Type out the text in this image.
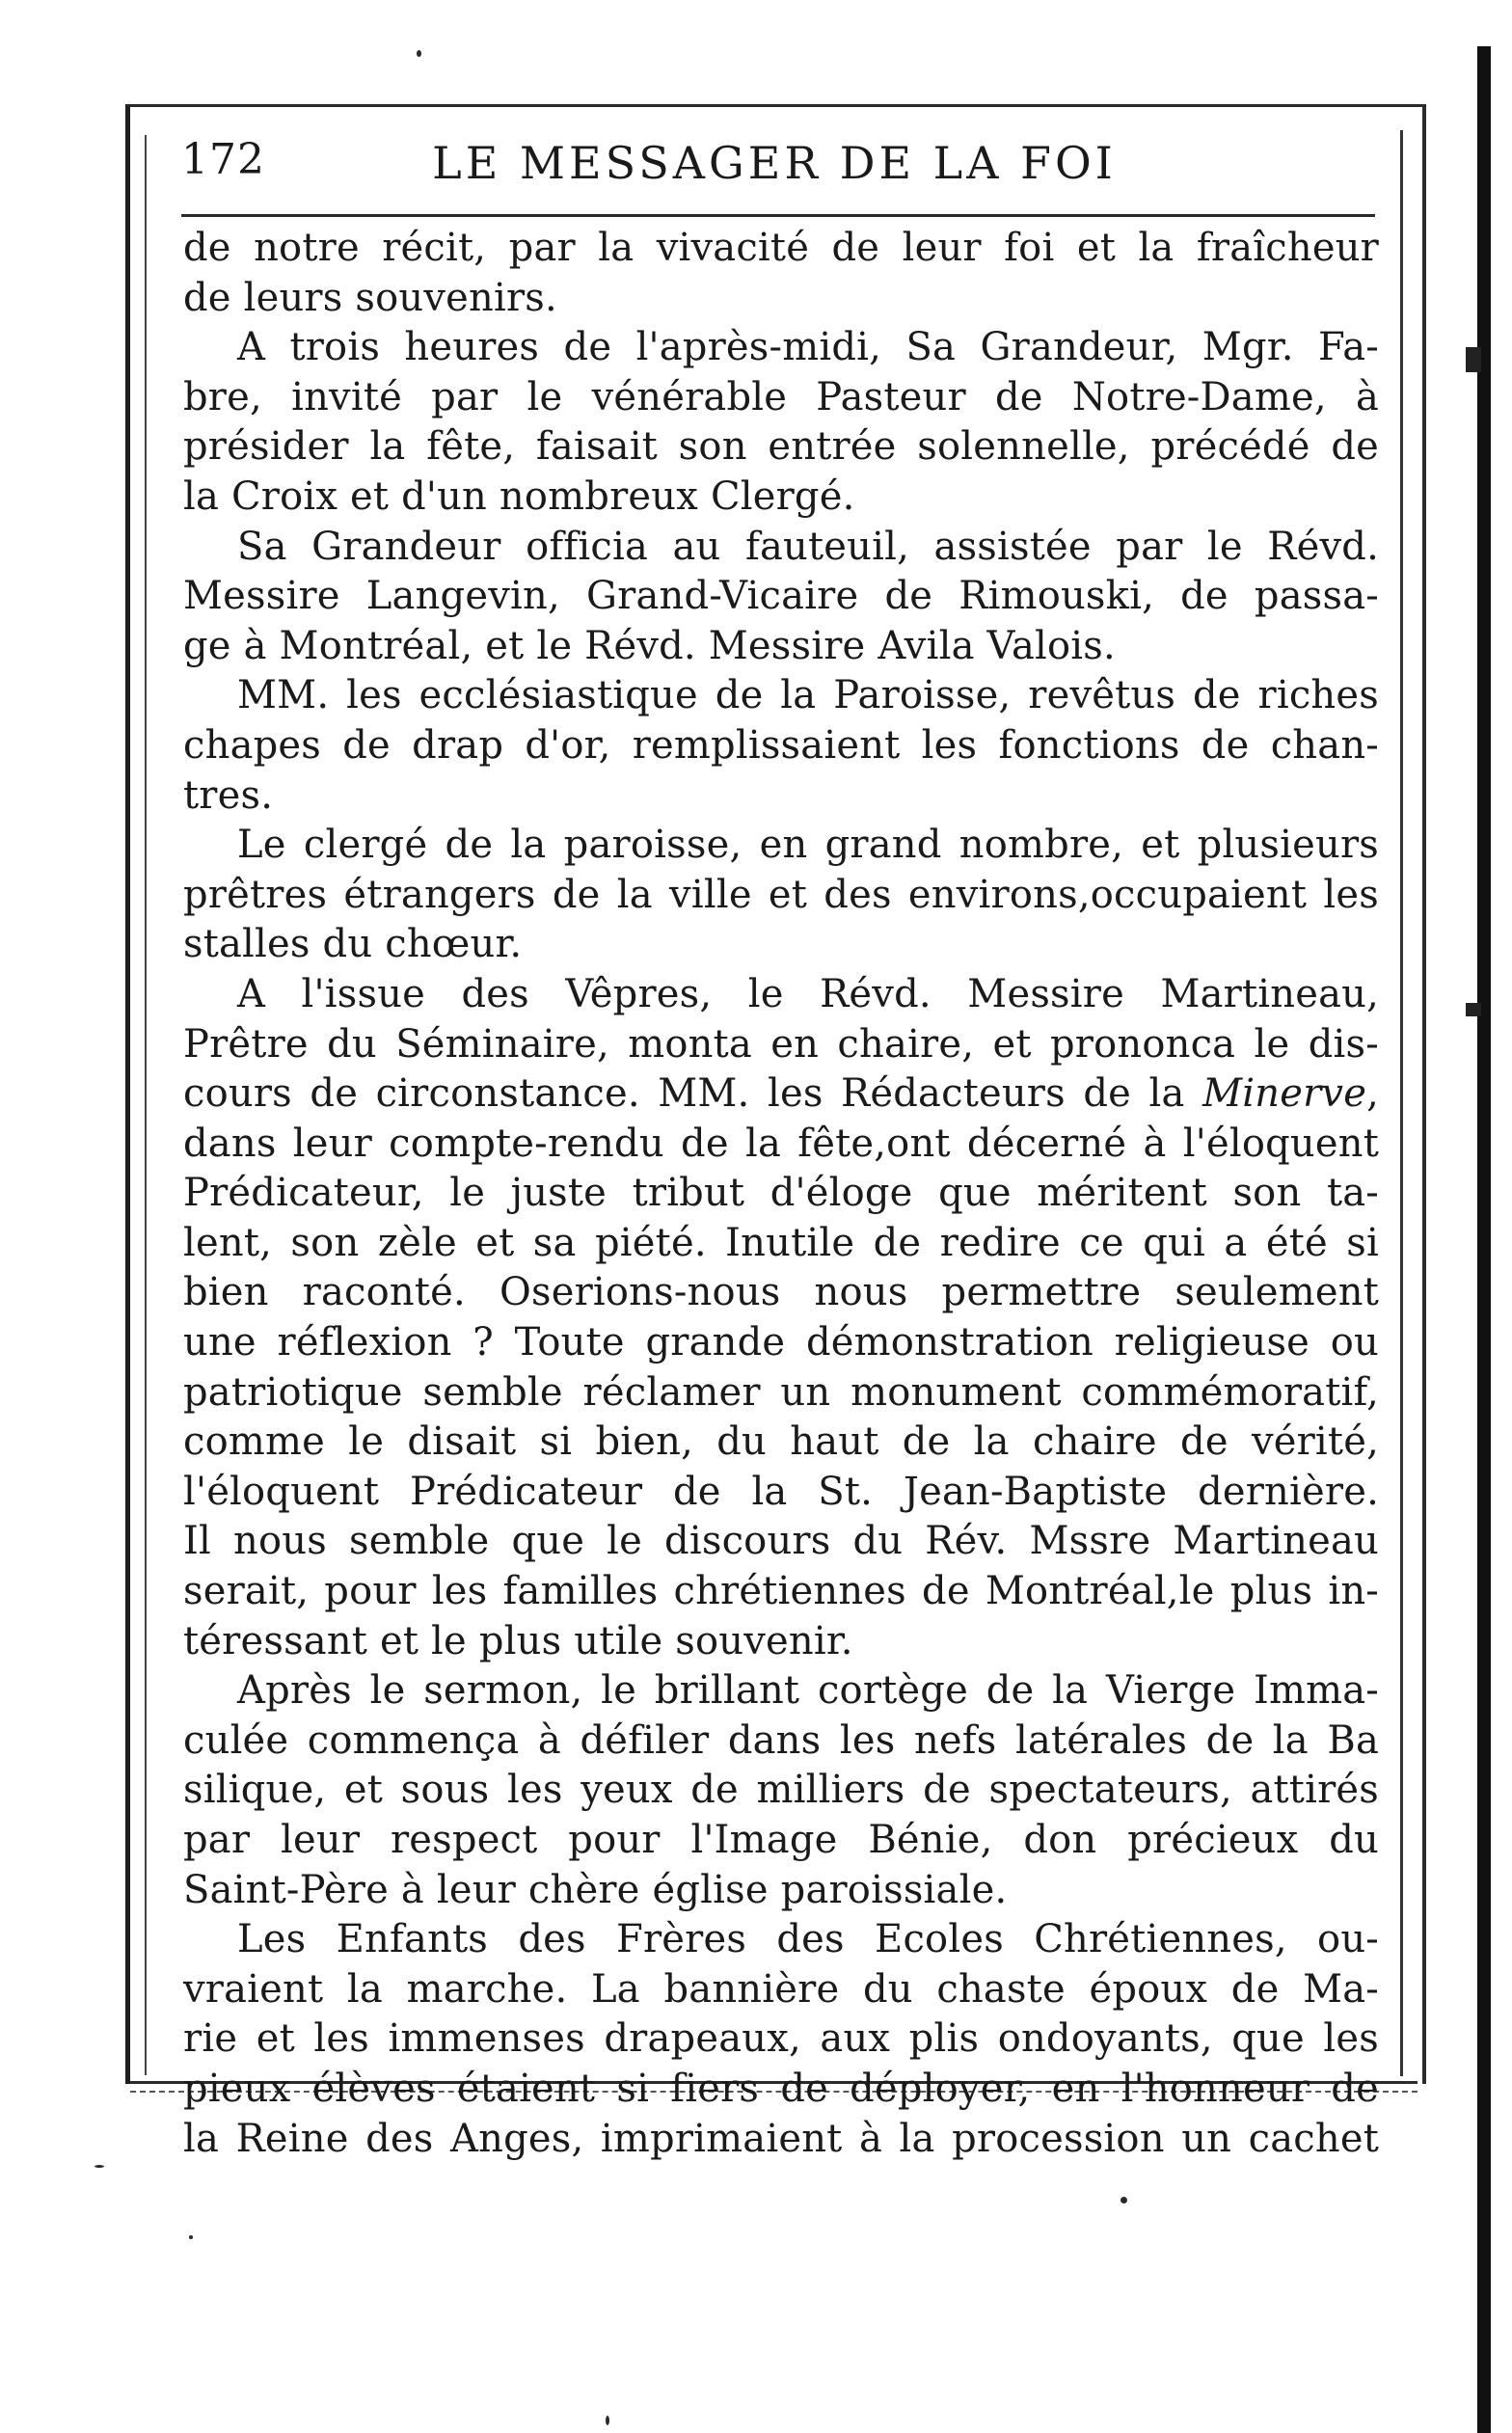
172	LE MESSAGER DE LA FOI
de notre récit, par la vivacité de leur foi et la fraîcheur
de leurs souvenirs.
A trois heures de l'après-midi, Sa Grandeur, Mgr. Fa-
bre, invité par le vénérable Pasteur de Notre-Dame, à
présider la fête, faisait son entrée solennelle, précédé de
la Croix et d'un nombreux Clergé.
Sa Grandeur officia au fauteuil, assistée par le Révd.
Messire Langevin, Grand-Vicaire de Rimouski, de passa-
ge à Montréal, et le Révd. Messire Avila Valois.
MM. les ecclésiastique de la Paroisse, revêtus de riches
chapes de drap d'or, remplissaient les fonctions de chan-
tres.
Le clergé de la paroisse, en grand nombre, et plusieurs
prêtres étrangers de la ville et des environs,occupaient les
stalles du chœur.
A l'issue des Vêpres, le Révd. Messire Martineau,
Prêtre du Séminaire, monta en chaire, et prononca le dis-
cours de circonstance. MM. les Rédacteurs de la Minerve,
dans leur compte-rendu de la fête,ont décerné à l'éloquent
Prédicateur, le juste tribut d'éloge que méritent son ta-
lent, son zèle et sa piété. Inutile de redire ce qui a été si
bien raconté. Oserions-nous nous permettre seulement
une réflexion ? Toute grande démonstration religieuse ou
patriotique semble réclamer un monument commémoratif,
comme le disait si bien, du haut de la chaire de vérité,
l'éloquent Prédicateur de la St. Jean-Baptiste dernière.
Il nous semble que le discours du Rév. Mssre Martineau
serait, pour les familles chrétiennes de Montréal,le plus in-
téressant et le plus utile souvenir.
Après le sermon, le brillant cortège de la Vierge Imma-
culée commença à défiler dans les nefs latérales de la Ba
silique, et sous les yeux de milliers de spectateurs, attirés
par leur respect pour l'Image Bénie, don précieux du
Saint-Père à leur chère église paroissiale.
Les Enfants des Frères des Ecoles Chrétiennes, ou-
vraient la marche. La bannière du chaste époux de Ma-
rie et les immenses drapeaux, aux plis ondoyants, que les
pieux élèves étaient si fiers de déployer, en l'honneur de
la Reine des Anges, imprimaient à la procession un cachet
